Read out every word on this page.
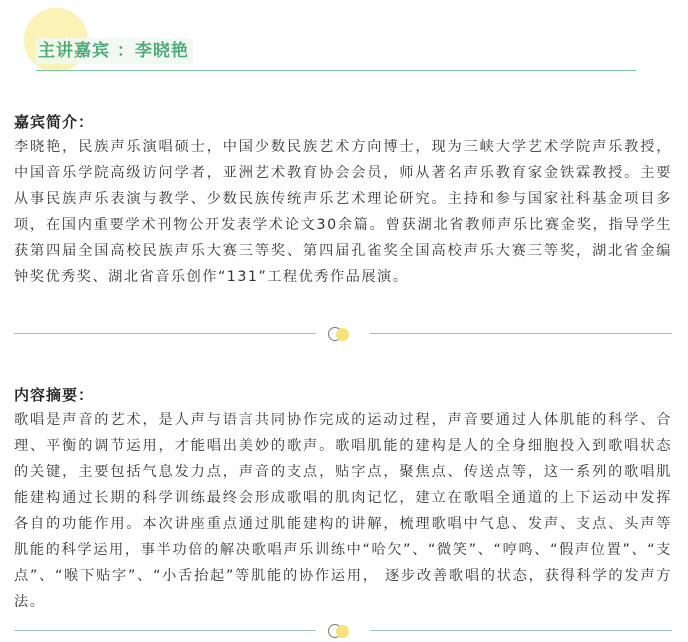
主讲嘉宾 ：李晓艳
嘉宾简介：

李晓艳，民族声乐演唱硕士，中国少数民族艺术方向博士，现为三峡大学艺术学院声乐教授，中国音乐学院高级访问学者，亚洲艺术教育协会会员，师从著名声乐教育家金铁霖教授。主要从事民族声乐表演与教学、少数民族传统声乐艺术理论研究。主持和参与国家社科基金项目多项，在国内重要学术刊物公开发表学术论文30余篇。曾获湖北省教师声乐比赛金奖，指导学生获第四届全国高校民族声乐大赛三等奖、第四届孔雀奖全国高校声乐大赛三等奖，湖北省金编钟奖优秀奖、湖北省音乐创作“131”工程优秀作品展演。

内容摘要：

歌唱是声音的艺术，是人声与语言共同协作完成的运动过程，声音要通过人体肌能的科学、合理、平衡的调节运用，才能唱出美妙的歌声。歌唱肌能的建构是人的全身细胞投入到歌唱状态的关键，主要包括气息发力点，声音的支点，贴字点，聚焦点、传送点等，这一系列的歌唱肌能建构通过长期的科学训练最终会形成歌唱的肌肉记忆，建立在歌唱全通道的上下运动中发挥各自的功能作用。本次讲座重点通过肌能建构的讲解，梳理歌唱中气息、发声、支点、头声等肌能的科学运用，事半功倍的解决歌唱声乐训练中“哈欠”、“微笑”、“哼鸣、“假声位置”、“支点”、“喉下贴字”、“小舌抬起”等肌能的协作运用， 逐步改善歌唱的状态，获得科学的发声方法。
